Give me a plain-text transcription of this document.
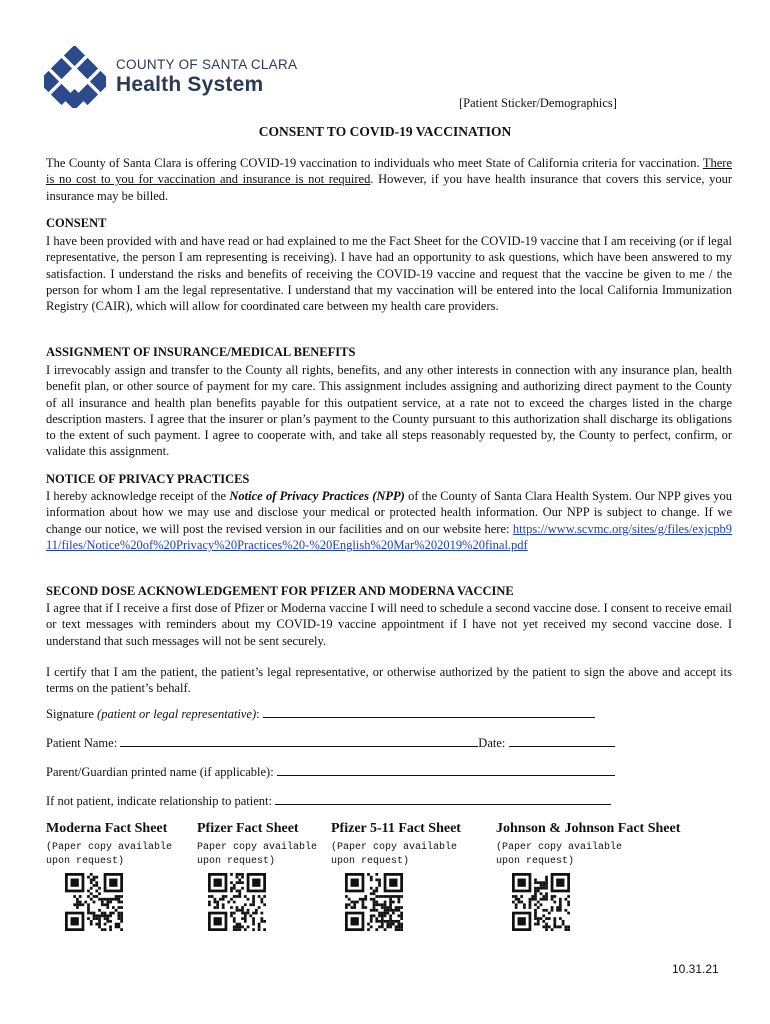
COUNTY OF SANTA CLARA
Health System
[Patient Sticker/Demographics]
CONSENT TO COVID-19 VACCINATION
The County of Santa Clara is offering COVID-19 vaccination to individuals who meet State of California criteria for vaccination. There is no cost to you for vaccination and insurance is not required. However, if you have health insurance that covers this service, your insurance may be billed.
CONSENT
I have been provided with and have read or had explained to me the Fact Sheet for the COVID-19 vaccine that I am receiving (or if legal representative, the person I am representing is receiving). I have had an opportunity to ask questions, which have been answered to my satisfaction. I understand the risks and benefits of receiving the COVID-19 vaccine and request that the vaccine be given to me / the person for whom I am the legal representative. I understand that my vaccination will be entered into the local California Immunization Registry (CAIR), which will allow for coordinated care between my health care providers.
ASSIGNMENT OF INSURANCE/MEDICAL BENEFITS
I irrevocably assign and transfer to the County all rights, benefits, and any other interests in connection with any insurance plan, health benefit plan, or other source of payment for my care. This assignment includes assigning and authorizing direct payment to the County of all insurance and health plan benefits payable for this outpatient service, at a rate not to exceed the charges listed in the charge description masters. I agree that the insurer or plan’s payment to the County pursuant to this authorization shall discharge its obligations to the extent of such payment. I agree to cooperate with, and take all steps reasonably requested by, the County to perfect, confirm, or validate this assignment.
NOTICE OF PRIVACY PRACTICES
I hereby acknowledge receipt of the Notice of Privacy Practices (NPP) of the County of Santa Clara Health System. Our NPP gives you information about how we may use and disclose your medical or protected health information. Our NPP is subject to change. If we change our notice, we will post the revised version in our facilities and on our website here: https://www.scvmc.org/sites/g/files/exjcpb911/files/Notice%20of%20Privacy%20Practices%20-%20English%20Mar%202019%20final.pdf
SECOND DOSE ACKNOWLEDGEMENT FOR PFIZER AND MODERNA VACCINE
I agree that if I receive a first dose of Pfizer or Moderna vaccine I will need to schedule a second vaccine dose. I consent to receive email or text messages with reminders about my COVID-19 vaccine appointment if I have not yet received my second vaccine dose. I understand that such messages will not be sent securely.
I certify that I am the patient, the patient’s legal representative, or otherwise authorized by the patient to sign the above and accept its terms on the patient’s behalf.
Signature (patient or legal representative):
Patient Name:	Date:
Parent/Guardian printed name (if applicable):
If not patient, indicate relationship to patient:
Moderna Fact Sheet
(Paper copy available
upon request)
Pfizer Fact Sheet
Paper copy available
upon request)
Pfizer 5-11 Fact Sheet
(Paper copy available
upon request)
Johnson & Johnson Fact Sheet
(Paper copy available
upon request)
10.31.21
